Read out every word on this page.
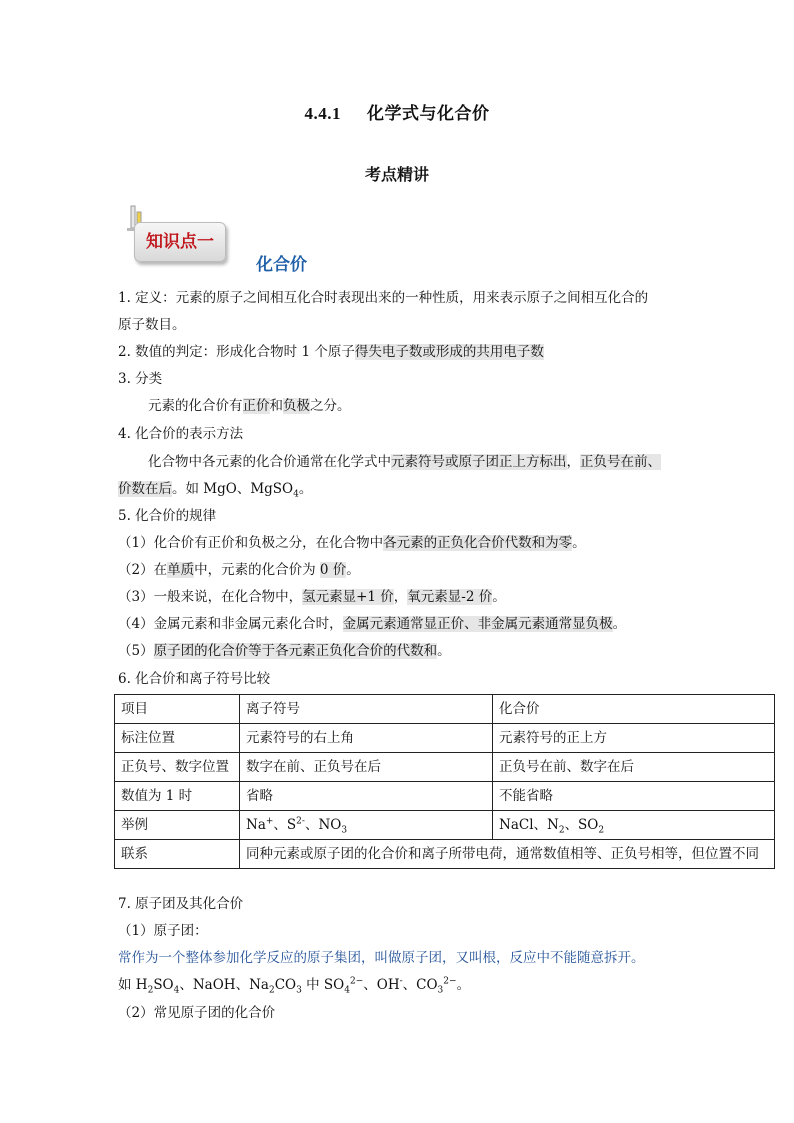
4.4.1 化学式与化合价
考点精讲
知识点一
化合价
1. 定义：元素的原子之间相互化合时表现出来的一种性质，用来表示原子之间相互化合的
原子数目。
2. 数值的判定：形成化合物时 1 个原子得失电子数或形成的共用电子数
3. 分类
元素的化合价有正价和负极之分。
4. 化合价的表示方法
化合物中各元素的化合价通常在化学式中元素符号或原子团正上方标出，正负号在前、
价数在后。如 MgO、MgSO$_4$。
5. 化合价的规律
（1）化合价有正价和负极之分，在化合物中各元素的正负化合价代数和为零。
（2）在单质中，元素的化合价为 0 价。
（3）一般来说，在化合物中，氢元素显+1 价，氧元素显-2 价。
（4）金属元素和非金属元素化合时，金属元素通常显正价、非金属元素通常显负极。
（5）原子团的化合价等于各元素正负化合价的代数和。
6. 化合价和离子符号比较
项目	离子符号	化合价
标注位置	元素符号的右上角	元素符号的正上方
正负号、数字位置	数字在前、正负号在后	正负号在前、数字在后
数值为 1 时	省略	不能省略
举例	Na+、$S^{2-}$、$NO_3$	NaCl、$N_2$、$SO_2$
联系	同种元素或原子团的化合价和离子所带电荷，通常数值相等、正负号相等，但位置不同	
7. 原子团及其化合价
（1）原子团：
常作为一个整体参加化学反应的原子集团，叫做原子团，又叫根，反应中不能随意拆开。
如 $H_2SO_4$、NaOH、$Na_2CO_3$ 中 $SO_4^{2-}$、OH-、$CO_3^{2-}$。
（2）常见原子团的化合价
